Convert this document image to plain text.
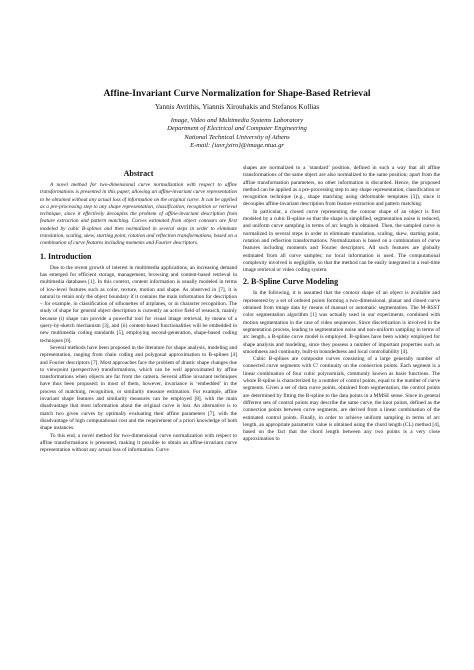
Affine-Invariant Curve Normalization for Shape-Based Retrieval
Yannis Avrithis, Yiannis Xirouhakis and Stefanos Kollias
Image, Video and Multimedia Systems Laboratory
Department of Electrical and Computer Engineering
National Technical University of Athens
E-mail: {iavr,jxiro}@image.ntua.gr
Abstract

A novel method for two-dimensional curve normalization with respect to affine transformations is presented in this paper, allowing an affine-invariant curve representation to be obtained without any actual loss of information on the original curve. It can be applied as a pre-processing step to any shape representation, classification, recognition or retrieval technique, since it effectively decouples the problem of affine-invariant description from feature extraction and pattern matching. Curves estimated from object contours are first modeled by cubic B-splines and then normalized in several steps in order to eliminate translation, scaling, skew, starting point, rotation and reflection transformations, based on a combination of curve features including moments and Fourier descriptors.

1. Introduction

Due to the recent growth of interest in multimedia applications, an increasing demand has emerged for efficient storage, management, browsing and content-based retrieval in multimedia databases [1]. In this context, content information is usually modeled in terms of low-level features such as color, texture, motion and shape. As observed in [7], it is natural to retain only the object boundary if it contains the main information for description – for example, in classification of silhouettes of airplanes, or in character recognition. The study of shape for general object description is currently an active field of research, mainly because (i) shape can provide a powerful tool for visual image retrieval, by means of a query-by-sketch mechanism [3], and (ii) content-based functionalities will be embedded in new multimedia coding standards [5], employing second-generation, shape-based coding techniques [6].

Several methods have been proposed in the literature for shape analysis, modeling and representation, ranging from chain coding and polygonal approximation to B-splines [4] and Fourier descriptors [7]. Most approaches face the problem of drastic shape changes due to viewpoint (perspective) transformations, which can be well approximated by affine transformations when objects are far from the camera. Several affine invariant techniques have thus been proposed; in most of them, however, invariance is ‘embedded’ in the process of matching, recognition, or similarity measure estimation. For example, affine invariant shape features and similarity measures can be employed [8], with the main disadvantage that most information about the original curve is lost. An alternative is to match two given curves by optimally evaluating their affine parameters [7], with the disadvantage of high computational cost and the requirement of a priori knowledge of both shape instances.

To this end, a novel method for two-dimensional curve normalization with respect to affine transformations is presented, making it possible to obtain an affine-invariant curve representation without any actual loss of information. Curve

shapes are normalized to a ‘standard’ position, defined in such a way that all affine transformations of the same object are also normalized to the same position; apart from the affine transformation parameters, no other information is discarded. Hence, the proposed method can be applied as a pre-processing step to any shape representation, classification or recognition technique (e.g., shape matching using deformable templates [3]), since it decouples affine-invariant description from feature extraction and pattern matching.

In particular, a closed curve representing the contour shape of an object is first modeled by a cubic B-spline so that the shape is simplified, segmentation noise is reduced, and uniform curve sampling in terms of arc length is obtained. Then, the sampled curve is normalized in several steps in order to eliminate translation, scaling, skew, starting point, rotation and reflection transformations. Normalization is based on a combination of curve features including moments and Fourier descriptors. All such features are globally estimated from all curve samples; no local information is used. The computational complexity involved is negligible, so that the method can be easily integrated in a real-time image retrieval or video coding system.

2. B-Spline Curve Modeling

In the following, it is assumed that the contour shape of an object is available and represented by a set of ordered points forming a two-dimensional, planar and closed curve obtained from image data by means of manual or automatic segmentation. The M-RSST color segmentation algorithm [1] was actually used in our experiments, combined with motion segmentation in the case of video sequences. Since discretization is involved in the segmentation process, leading to segmentation noise and non-uniform sampling in terms of arc length, a B-spline curve model is employed. B-splines have been widely employed for shape analysis and modeling, since they possess a number of important properties such as smoothness and continuity, built-in boundedness and local controllability [4].

Cubic B-splines are composite curves consisting of a large generally number of connected curve segments with C² continuity on the connection points. Each segment is a linear combination of four cubic polynomials, commonly known as basis functions. The whole B-spline is characterized by a number of control points, equal to the number of curve segments. Given a set of data curve points, obtained from segmentation, the control points are determined by fitting the B-spline to the data points in a MMSE sense. Since in general different sets of control points may describe the same curve, the knot points, defined as the connection points between curve segments, are derived from a linear combination of the estimated control points. Finally, in order to achieve uniform sampling in terms of arc length, an appropriate parametric value is obtained using the chord length (CL) method [4], based on the fact that the chord length between any two points is a very close approximation to
